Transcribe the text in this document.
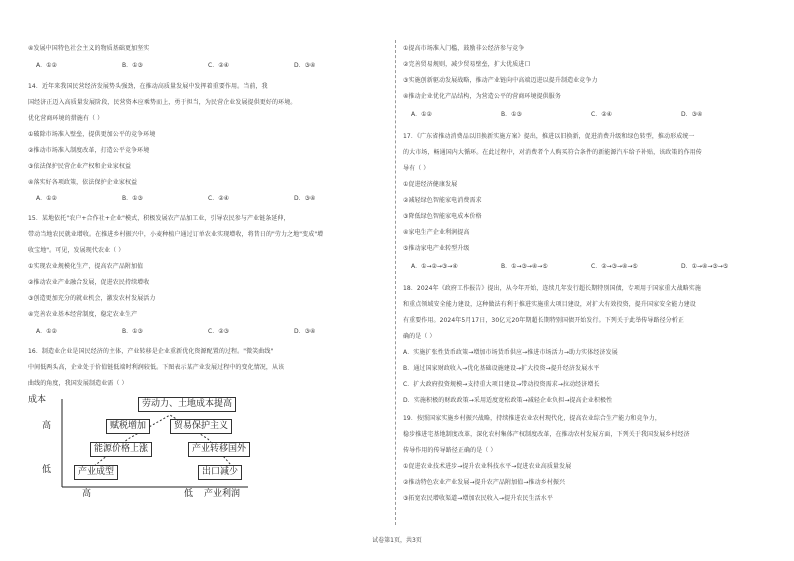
④发展中国特色社会主义的物质基础更加坚实
A．①②	B．①③	C．②④	D．③④
14．近年来我国民营经济发展势头强劲，在推动高质量发展中发挥着重要作用。当前，我
国经济正迈入高质量发展阶段，民营资本应乘势而上，勇于担当，为民营企业发展提供更好的环境。
优化营商环境的措施有（ ）
①破除市场准入壁垒，提供更加公平的竞争环境
②推动市场准入制度改革，打造公平竞争环境
③依法保护民营企业产权和企业家权益
④落实好各项政策，依法保护企业家权益
A．①②	B．①③	C．②④	D．③④
15．某地依托"农户+合作社+企业"模式，积极发展农产品加工业，引导农民参与产业链条延伸，
带动当地农民就业增收。在推进乡村振兴中，小麦种植户通过订单农业实现增收，将昔日的"劳力之地"变成"增
收宝地"。可见，发展现代农业（ ）
①实现农业规模化生产，提高农产品附加值
②推动农业产业融合发展，促进农民持续增收
③创造更加充分的就业机会，激发农村发展活力
④完善农业基本经营制度，稳定农业生产
A．①②	B．①③	C．②③	D．③④
16．制造业企业是国民经济的主体，产业转移是企业重新优化资源配置的过程。"微笑曲线"
中间低两头高，企业处于价值链低端时利润较低。下图表示某产业发展过程中的变化情况，从该
曲线的角度，我国发展制造业需（ ）
成本
高
低
高	低 产业利润
劳动力、土地成本提高
赋税增加	贸易保护主义
能源价格上涨	产业转移国外
产业成型	出口减少
①提高市场准入门槛，鼓励非公经济参与竞争
②完善贸易规则，减少贸易壁垒，扩大优质进口
③实施创新驱动发展战略，推动产业链向中高端迈进以提升制造业竞争力
④推动企业优化产品结构，为营造公平的营商环境提供服务
A．①②	B．①③	C．②④	D．③④
17．《广东省推动消费品以旧换新实施方案》提出，推进以旧换新，促进消费升级和绿色转型，推动形成统一
的大市场，畅通国内大循环。在此过程中，对消费者个人购买符合条件的新能源汽车给予补贴，该政策的作用传
导有（ ）
①促进经济健康发展
②减轻绿色智能家电消费需求
③降低绿色智能家电成本价格
④家电生产企业利润提高
⑤推动家电产业转型升级
A．①→②→③→④	B．①→③→④→⑤	C．②→③→④→⑤	D．①→④→③→⑤
18．2024年《政府工作报告》提出，从今年开始，连续几年发行超长期特别国债，专项用于国家重大战略实施
和重点领域安全能力建设，这种做法有利于推进实施重大项目建设，对扩大有效投资，提升国家安全能力建设
有重要作用。2024年5月17日，30亿元20年期超长期特别国债开始发行。下列关于此举传导路径分析正
确的是（ ）
A．实施扩张性货币政策→增加市场货币供应→推进市场活力→助力实体经济发展
B．通过国家财政收入→优化基础设施建设→扩大投资→提升经济发展水平
C．扩大政府投资规模→支持重大项目建设→带动投资需求→拉动经济增长
D．实施积极的财政政策→采用适度宽松政策→减轻企业负担→提高企业积极性
19．按照国家实施乡村振兴战略，持续推进农业农村现代化，提高农业综合生产能力和竞争力，
稳步推进宅基地制度改革，深化农村集体产权制度改革，在推动农村发展方面，下列关于我国发展乡村经济
传导作用的传导路径正确的是（ ）
①促进农业技术进步→提升农业科技水平→促进农业高质量发展
②推动特色农业产业发展→提升农产品附加值→推动乡村振兴
③拓宽农民增收渠道→增加农民收入→提升农民生活水平
试卷第1页，共3页
